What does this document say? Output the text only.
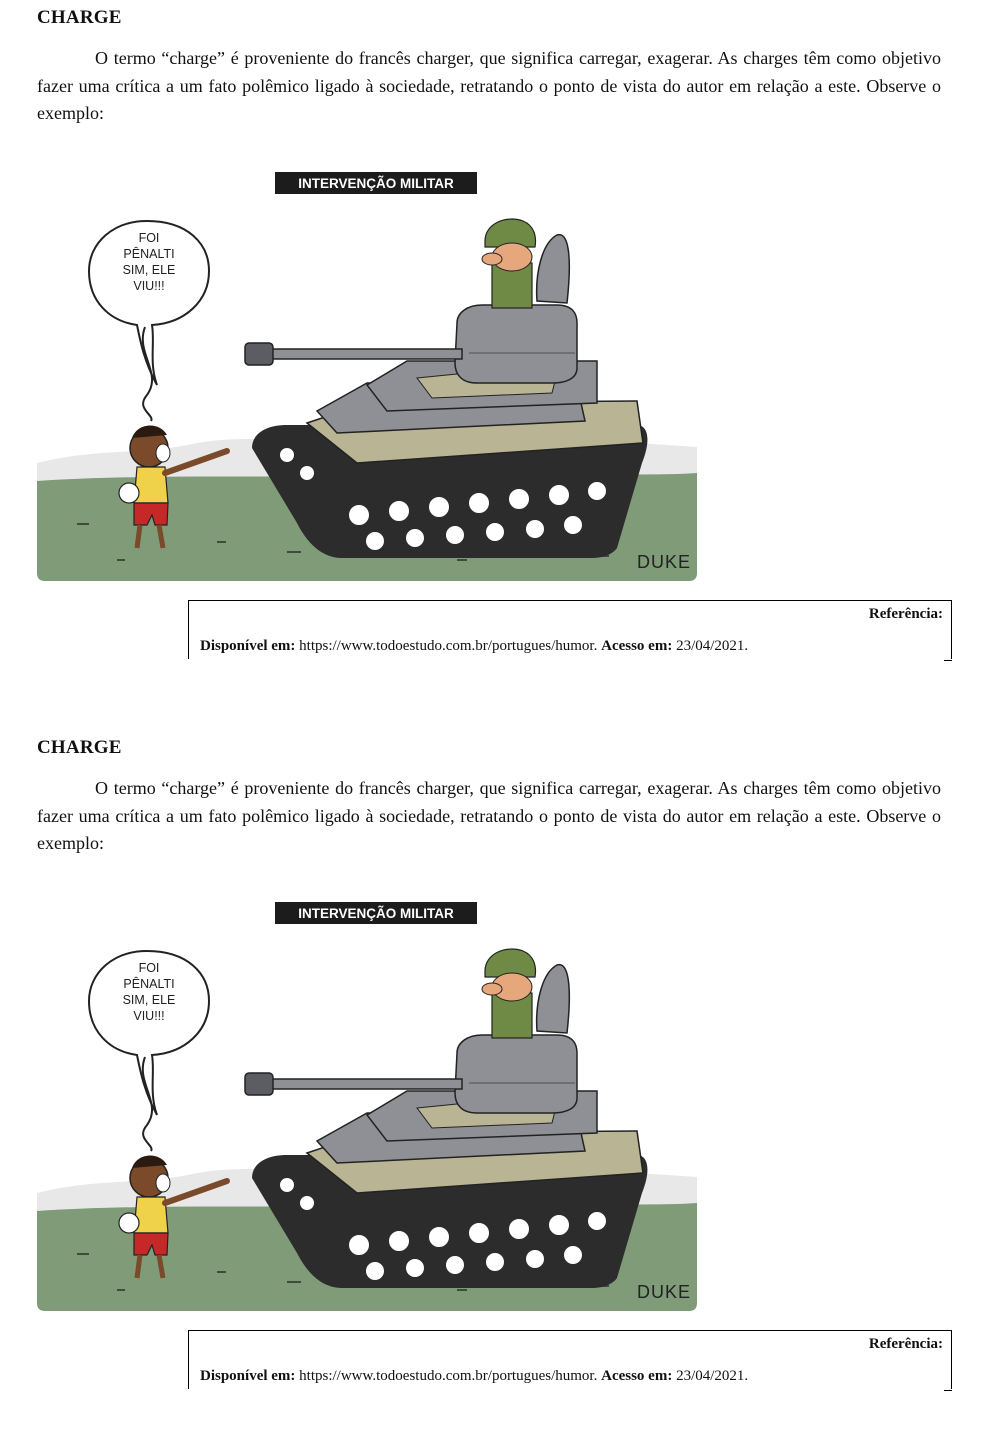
CHARGE

O termo “charge” é proveniente do francês charger, que significa carregar, exagerar. As charges têm como objetivo fazer uma crítica a um fato polêmico ligado à sociedade, retratando o ponto de vista do autor em relação a este. Observe o exemplo:

INTERVENÇÃO MILITAR
FOI
PÊNALTI
SIM, ELE
VIU!!!
DUKE
Referência:
Disponível em: https://www.todoestudo.com.br/portugues/humor. Acesso em: 23/04/2021.
CHARGE

O termo “charge” é proveniente do francês charger, que significa carregar, exagerar. As charges têm como objetivo fazer uma crítica a um fato polêmico ligado à sociedade, retratando o ponto de vista do autor em relação a este. Observe o exemplo:

INTERVENÇÃO MILITAR
FOI
PÊNALTI
SIM, ELE
VIU!!!
DUKE
Referência:
Disponível em: https://www.todoestudo.com.br/portugues/humor. Acesso em: 23/04/2021.
